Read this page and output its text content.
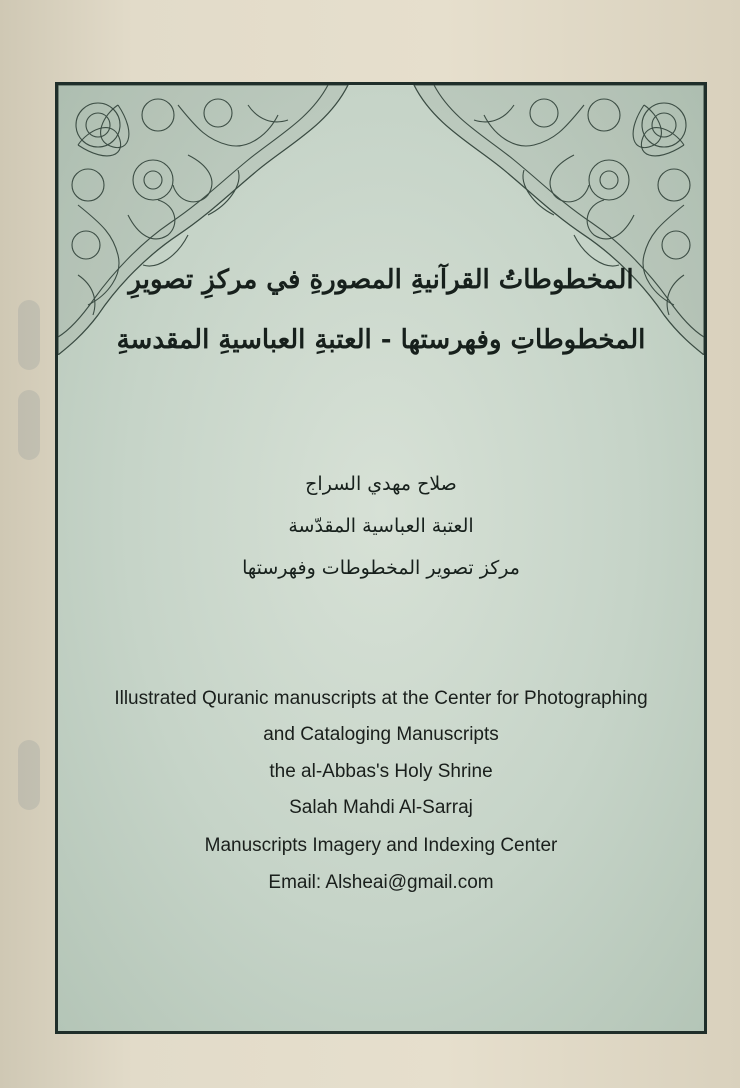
المخطوطاتُ القرآنيةِ المصورةِ في مركزِ تصويرِ
المخطوطاتِ وفهرستها - العتبةِ العباسيةِ المقدسةِ
صلاح مهدي السراج
العتبة العباسية المقدّسة
مركز تصوير المخطوطات وفهرستها
Illustrated Quranic manuscripts at the Center for Photographing
and Cataloging Manuscripts
the al-Abbas's Holy Shrine
Salah Mahdi Al-Sarraj
Manuscripts Imagery and Indexing Center
Email: Alsheai@gmail.com
